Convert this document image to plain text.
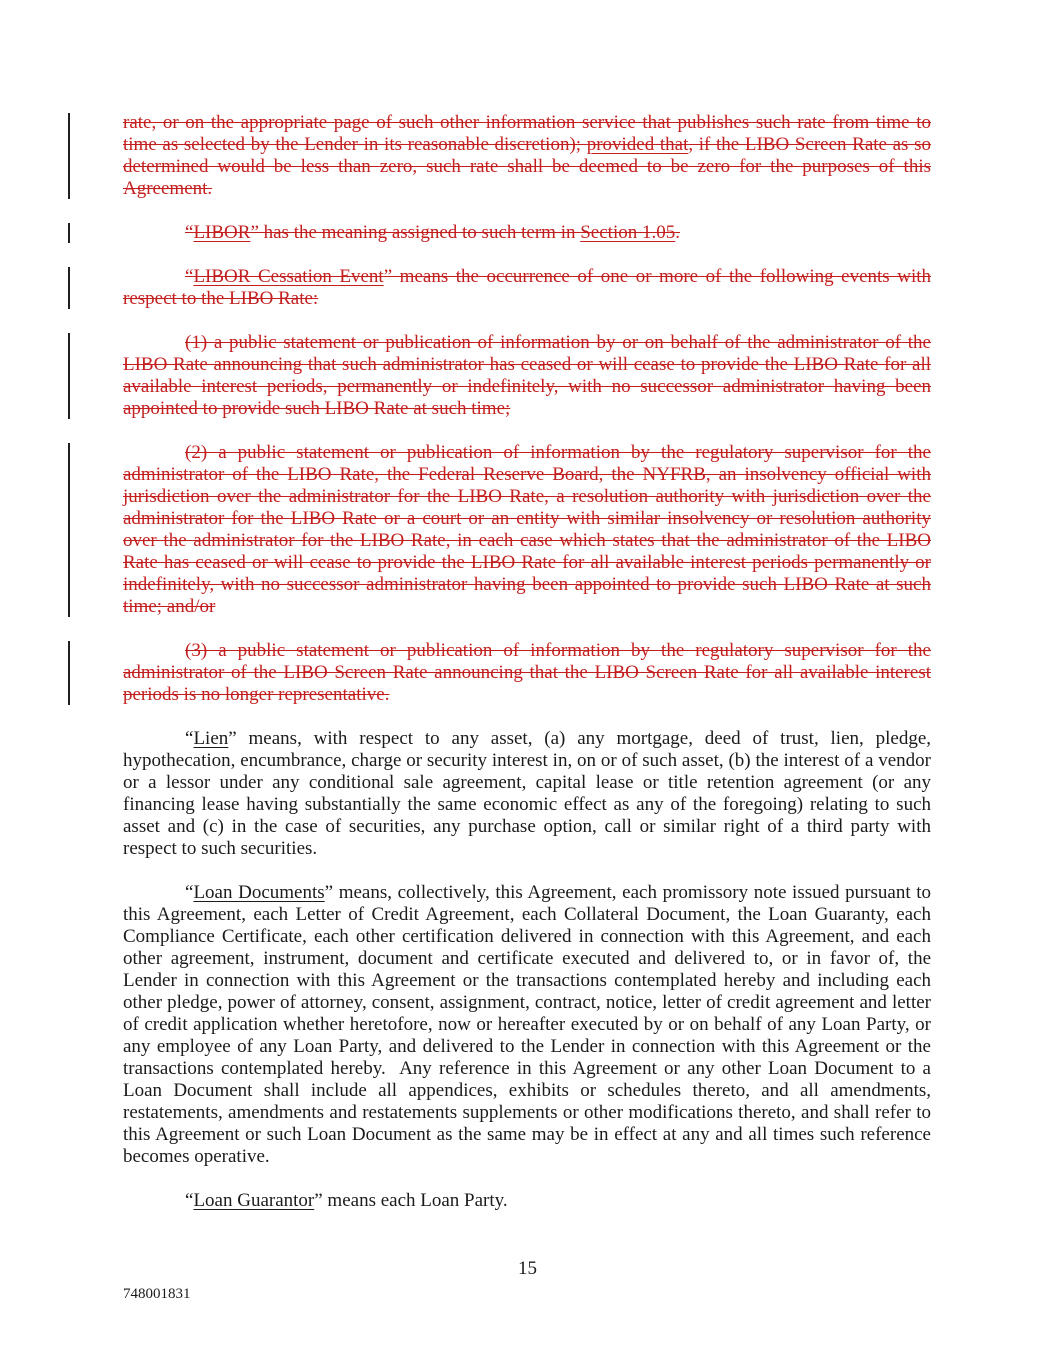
rate, or on the appropriate page of such other information service that publishes such rate from time to time as selected by the Lender in its reasonable discretion); provided that, if the LIBO Screen Rate as so determined would be less than zero, such rate shall be deemed to be zero for the purposes of this Agreement.

“LIBOR” has the meaning assigned to such term in Section 1.05.

“LIBOR Cessation Event” means the occurrence of one or more of the following events with respect to the LIBO Rate:

(1) a public statement or publication of information by or on behalf of the administrator of the LIBO Rate announcing that such administrator has ceased or will cease to provide the LIBO Rate for all available interest periods, permanently or indefinitely, with no successor administrator having been appointed to provide such LIBO Rate at such time;

(2) a public statement or publication of information by the regulatory supervisor for the administrator of the LIBO Rate, the Federal Reserve Board, the NYFRB, an insolvency official with jurisdiction over the administrator for the LIBO Rate, a resolution authority with jurisdiction over the administrator for the LIBO Rate or a court or an entity with similar insolvency or resolution authority over the administrator for the LIBO Rate, in each case which states that the administrator of the LIBO Rate has ceased or will cease to provide the LIBO Rate for all available interest periods permanently or indefinitely, with no successor administrator having been appointed to provide such LIBO Rate at such time; and/or

(3) a public statement or publication of information by the regulatory supervisor for the administrator of the LIBO Screen Rate announcing that the LIBO Screen Rate for all available interest periods is no longer representative.

“Lien” means, with respect to any asset, (a) any mortgage, deed of trust, lien, pledge, hypothecation, encumbrance, charge or security interest in, on or of such asset, (b) the interest of a vendor or a lessor under any conditional sale agreement, capital lease or title retention agreement (or any financing lease having substantially the same economic effect as any of the foregoing) relating to such asset and (c) in the case of securities, any purchase option, call or similar right of a third party with respect to such securities.

“Loan Documents” means, collectively, this Agreement, each promissory note issued pursuant to this Agreement, each Letter of Credit Agreement, each Collateral Document, the Loan Guaranty, each Compliance Certificate, each other certification delivered in connection with this Agreement, and each other agreement, instrument, document and certificate executed and delivered to, or in favor of, the Lender in connection with this Agreement or the transactions contemplated hereby and including each other pledge, power of attorney, consent, assignment, contract, notice, letter of credit agreement and letter of credit application whether heretofore, now or hereafter executed by or on behalf of any Loan Party, or any employee of any Loan Party, and delivered to the Lender in connection with this Agreement or the transactions contemplated hereby.  Any reference in this Agreement or any other Loan Document to a Loan Document shall include all appendices, exhibits or schedules thereto, and all amendments, restatements, amendments and restatements supplements or other modifications thereto, and shall refer to this Agreement or such Loan Document as the same may be in effect at any and all times such reference becomes operative.

“Loan Guarantor” means each Loan Party.

15
748001831
